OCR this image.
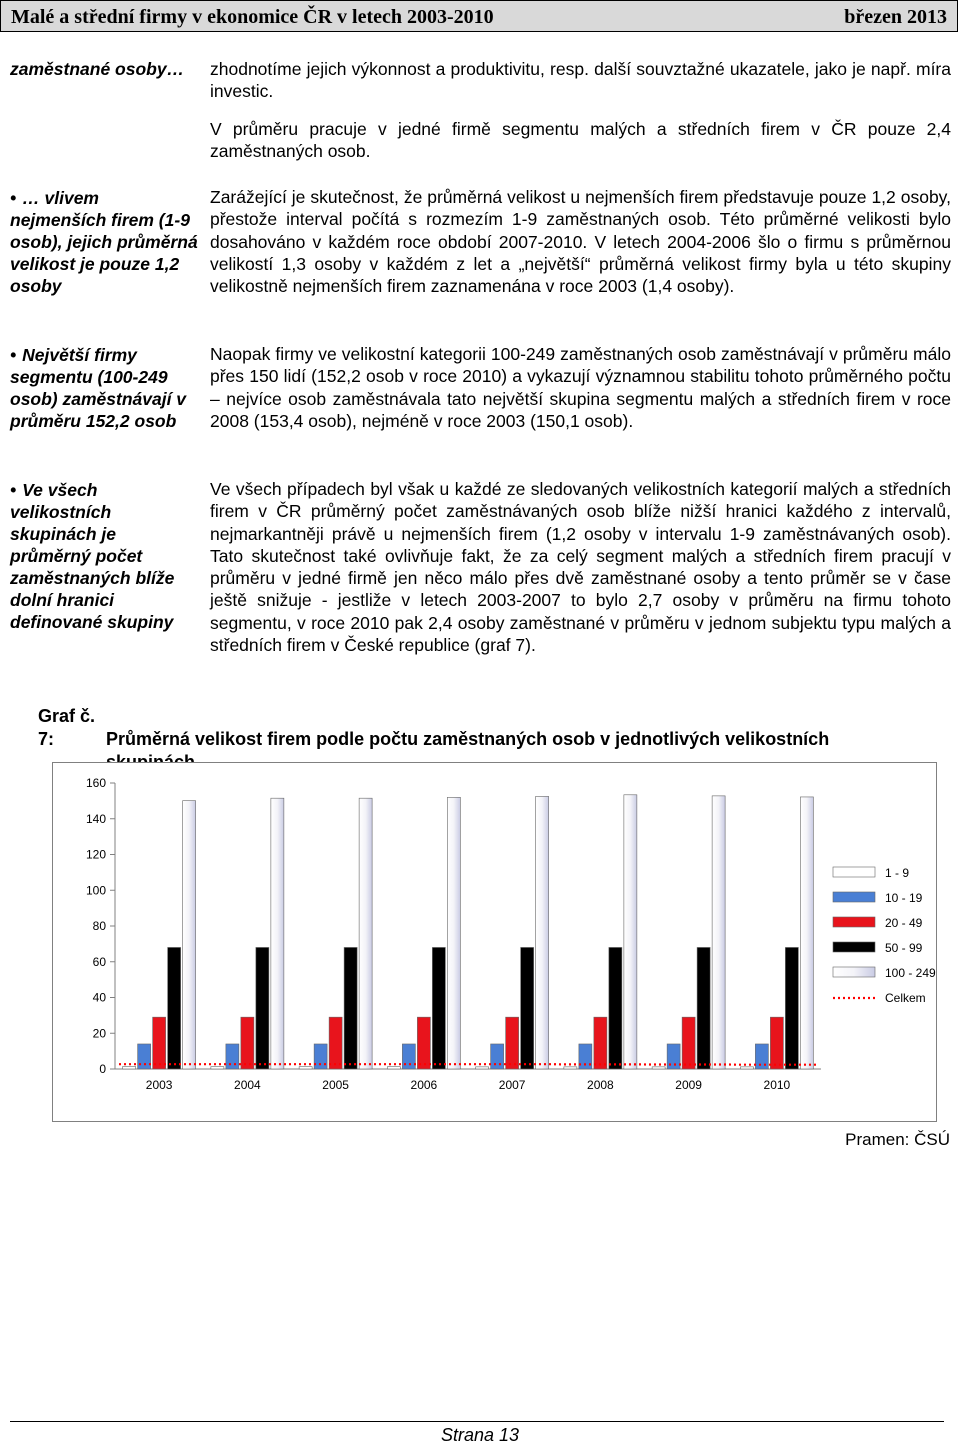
Malé a střední firmy v ekonomice ČR v letech 2003-2010	březen 2013
zaměstnané osoby…
• … vlivem nejmenších firem (1-9 osob), jejich průměrná velikost je pouze 1,2 osoby
• Největší firmy segmentu (100-249 osob) zaměstnávají v průměru 152,2 osob
• Ve všech velikostních skupinách je průměrný počet zaměstnaných blíže dolní hranici definované skupiny
zhodnotíme jejich výkonnost a produktivitu, resp. další souvztažné ukazatele, jako je např. míra investic.
V průměru pracuje v jedné firmě segmentu malých a středních firem v ČR pouze 2,4 zaměstnaných osob.
Zarážející je skutečnost, že průměrná velikost u nejmenších firem představuje pouze 1,2 osoby, přestože interval počítá s rozmezím 1-9 zaměstnaných osob. Této průměrné velikosti bylo dosahováno v každém roce období 2007-2010. V letech 2004-2006 šlo o firmu s průměrnou velikostí 1,3 osoby v každém z let a „největší“ průměrná velikost firmy byla u této skupiny velikostně nejmenších firem zaznamenána v roce 2003 (1,4 osoby).
Naopak firmy ve velikostní kategorii 100-249 zaměstnaných osob zaměstnávají v průměru málo přes 150 lidí (152,2 osob v roce 2010) a vykazují významnou stabilitu tohoto průměrného počtu – nejvíce osob zaměstnávala tato největší skupina segmentu malých a středních firem v roce 2008 (153,4 osob), nejméně v roce 2003 (150,1 osob).
Ve všech případech byl však u každé ze sledovaných velikostních kategorií malých a středních firem v ČR průměrný počet zaměstnávaných osob blíže nižší hranici každého z intervalů, nejmarkantněji právě u nejmenších firem (1,2 osoby v intervalu 1-9 zaměstnávaných osob). Tato skutečnost také ovlivňuje fakt, že za celý segment malých a středních firem pracují v průměru v jedné firmě jen něco málo přes dvě zaměstnané osoby a tento průměr se v čase ještě snižuje - jestliže v letech 2003-2007 to bylo 2,7 osoby v průměru na firmu tohoto segmentu, v roce 2010 pak 2,4 osoby zaměstnané v průměru v jednom subjektu typu malých a středních firem v České republice (graf 7).
Graf č. 7:	Průměrná velikost firem podle počtu zaměstnaných osob v jednotlivých velikostních
0
20
40
60
80
100
120
140
160
2003	2004	2005	2006	2007	2008	2009	2010
1 - 9
10 - 19
20 - 49
50 - 99
100 - 249
Celkem
Pramen: ČSÚ
Strana 13
